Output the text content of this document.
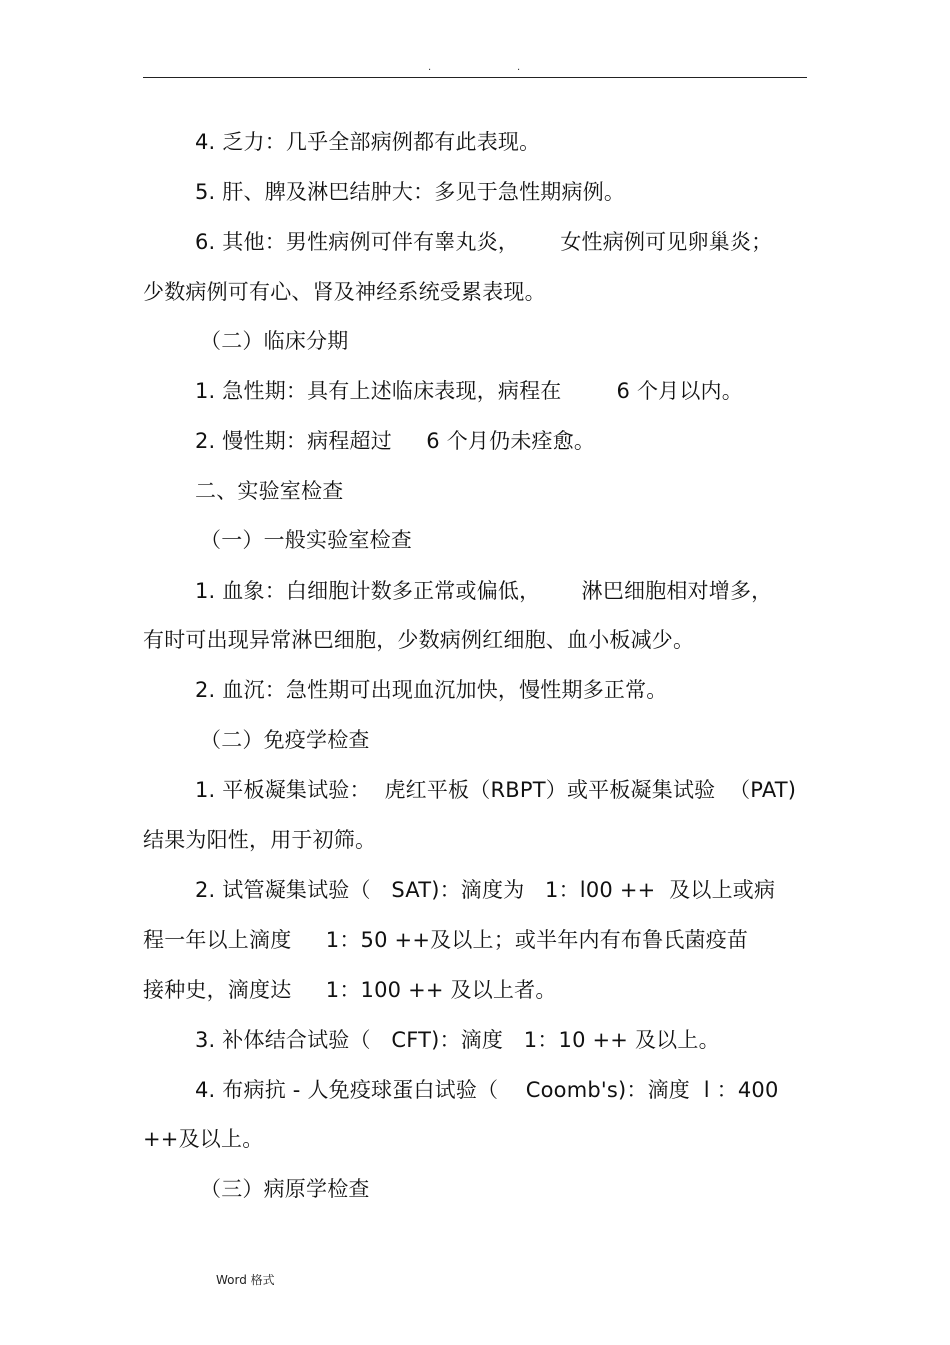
.	.
4. 乏力：几乎全部病例都有此表现。
5. 肝、脾及淋巴结肿大：多见于急性期病例。
6. 其他：男性病例可伴有睾丸炎，      女性病例可见卵巢炎；
少数病例可有心、肾及神经系统受累表现。
（二）临床分期
1. 急性期：具有上述临床表现，病程在        6 个月以内。
2. 慢性期：病程超过     6 个月仍未痊愈。
二、实验室检查
（一）一般实验室检查
1. 血象：白细胞计数多正常或偏低，      淋巴细胞相对增多，
有时可出现异常淋巴细胞，少数病例红细胞、血小板减少。
2. 血沉：急性期可出现血沉加快，慢性期多正常。
（二）免疫学检查
1. 平板凝集试验：  虎红平板（RBPT）或平板凝集试验  （PAT)
结果为阳性，用于初筛。
2. 试管凝集试验（   SAT)：滴度为   1：l00 ++  及以上或病
程一年以上滴度     1：50 ++及以上；或半年内有布鲁氏菌疫苗
接种史，滴度达     1：100 ++ 及以上者。
3. 补体结合试验（   CFT)：滴度   1：10 ++ 及以上。
4. 布病抗 - 人免疫球蛋白试验（    Coomb's)：滴度  l ：400
++及以上。
（三）病原学检查
Word 格式
